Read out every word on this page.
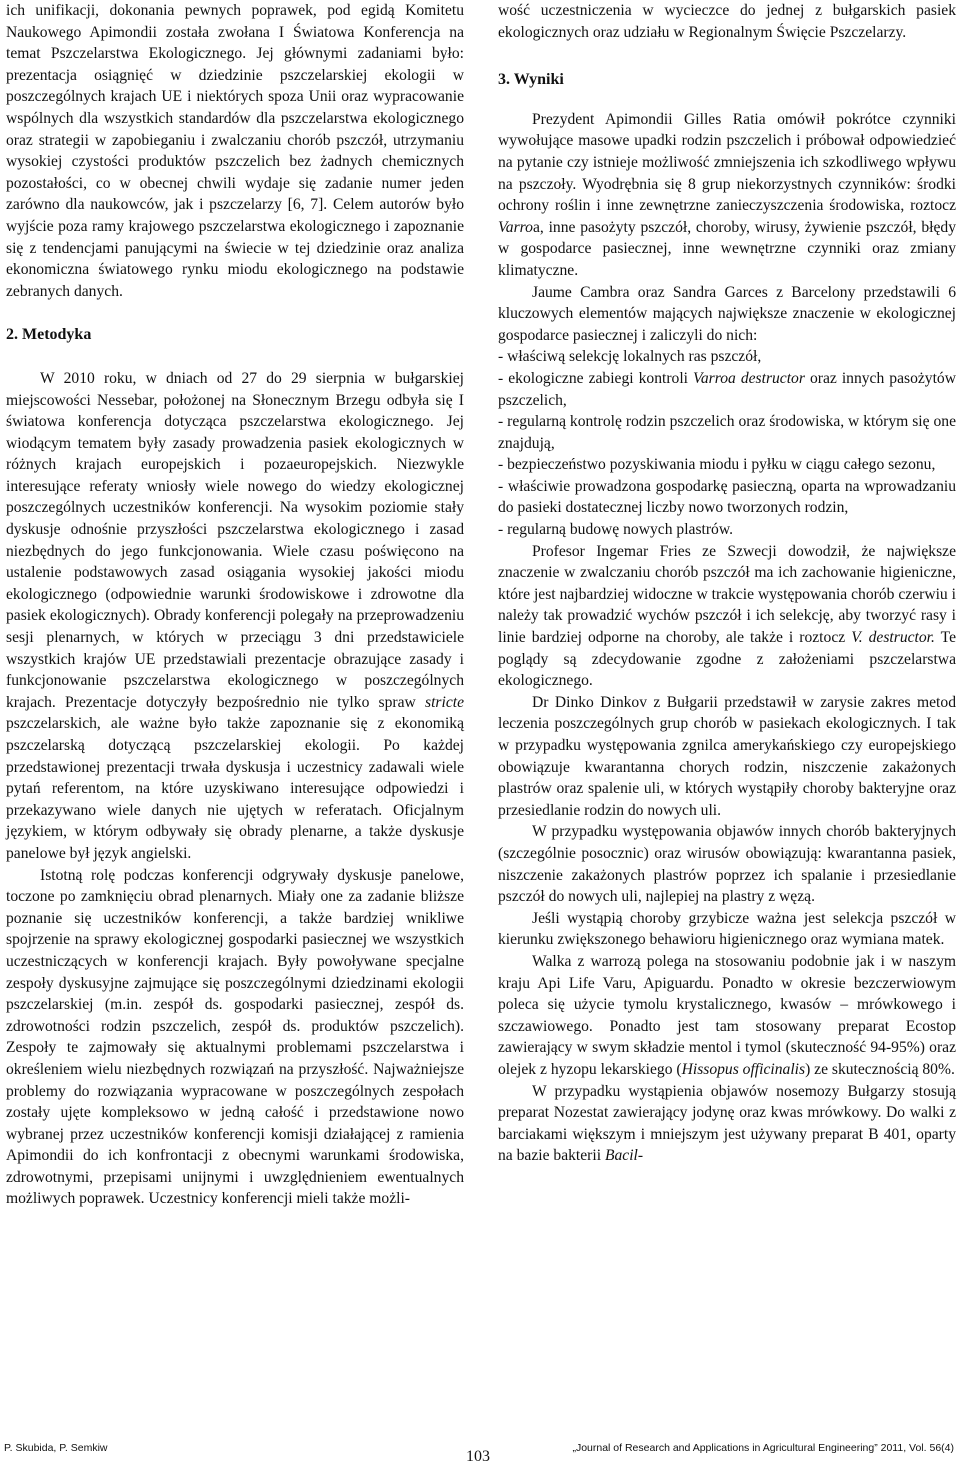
ich unifikacji, dokonania pewnych poprawek, pod egidą Komitetu Naukowego Apimondii została zwołana I Światowa Konferencja na temat Pszczelarstwa Ekologicznego. Jej głównymi zadaniami było: prezentacja osiągnięć w dziedzinie pszczelarskiej ekologii w poszczególnych krajach UE i niektórych spoza Unii oraz wypracowanie wspólnych dla wszystkich standardów dla pszczelarstwa ekologicznego oraz strategii w zapobieganiu i zwalczaniu chorób pszczół, utrzymaniu wysokiej czystości produktów pszczelich bez żadnych chemicznych pozostałości, co w obecnej chwili wydaje się zadanie numer jeden zarówno dla naukowców, jak i pszczelarzy [6, 7]. Celem autorów było wyjście poza ramy krajowego pszczelarstwa ekologicznego i zapoznanie się z tendencjami panującymi na świecie w tej dziedzinie oraz analiza ekonomiczna światowego rynku miodu ekologicznego na podstawie zebranych danych.

2. Metodyka

W 2010 roku, w dniach od 27 do 29 sierpnia w bułgarskiej miejscowości Nessebar, położonej na Słonecznym Brzegu odbyła się I światowa konferencja dotycząca pszczelarstwa ekologicznego. Jej wiodącym tematem były zasady prowadzenia pasiek ekologicznych w różnych krajach europejskich i pozaeuropejskich. Niezwykle interesujące referaty wniosły wiele nowego do wiedzy ekologicznej poszczególnych uczestników konferencji. Na wysokim poziomie stały dyskusje odnośnie przyszłości pszczelarstwa ekologicznego i zasad niezbędnych do jego funkcjonowania. Wiele czasu poświęcono na ustalenie podstawowych zasad osiągania wysokiej jakości miodu ekologicznego (odpowiednie warunki środowiskowe i zdrowotne dla pasiek ekologicznych). Obrady konferencji polegały na przeprowadzeniu sesji plenarnych, w których w przeciągu 3 dni przedstawiciele wszystkich krajów UE przedstawiali prezentacje obrazujące zasady i funkcjonowanie pszczelarstwa ekologicznego w poszczególnych krajach. Prezentacje dotyczyły bezpośrednio nie tylko spraw stricte pszczelarskich, ale ważne było także zapoznanie się z ekonomiką pszczelarską dotyczącą pszczelarskiej ekologii. Po każdej przedstawionej prezentacji trwała dyskusja i uczestnicy zadawali wiele pytań referentom, na które uzyskiwano interesujące odpowiedzi i przekazywano wiele danych nie ujętych w referatach. Oficjalnym językiem, w którym odbywały się obrady plenarne, a także dyskusje panelowe był język angielski.

Istotną rolę podczas konferencji odgrywały dyskusje panelowe, toczone po zamknięciu obrad plenarnych. Miały one za zadanie bliższe poznanie się uczestników konferencji, a także bardziej wnikliwe spojrzenie na sprawy ekologicznej gospodarki pasiecznej we wszystkich uczestniczących w konferencji krajach. Były powoływane specjalne zespoły dyskusyjne zajmujące się poszczególnymi dziedzinami ekologii pszczelarskiej (m.in. zespół ds. gospodarki pasiecznej, zespół ds. zdrowotności rodzin pszczelich, zespół ds. produktów pszczelich). Zespoły te zajmowały się aktualnymi problemami pszczelarstwa i określeniem wielu niezbędnych rozwiązań na przyszłość. Najważniejsze problemy do rozwiązania wypracowane w poszczególnych zespołach zostały ujęte kompleksowo w jedną całość i przedstawione nowo wybranej przez uczestników konferencji komisji działającej z ramienia Apimondii do ich konfrontacji z obecnymi warunkami środowiska, zdrowotnymi, przepisami unijnymi i uwzględnieniem ewentualnych możliwych poprawek. Uczestnicy konferencji mieli także możli-

wość uczestniczenia w wycieczce do jednej z bułgarskich pasiek ekologicznych oraz udziału w Regionalnym Święcie Pszczelarzy.

3. Wyniki

Prezydent Apimondii Gilles Ratia omówił pokrótce czynniki wywołujące masowe upadki rodzin pszczelich i próbował odpowiedzieć na pytanie czy istnieje możliwość zmniejszenia ich szkodliwego wpływu na pszczoły. Wyodrębnia się 8 grup niekorzystnych czynników: środki ochrony roślin i inne zewnętrzne zanieczyszczenia środowiska, roztocz Varroa, inne pasożyty pszczół, choroby, wirusy, żywienie pszczół, błędy w gospodarce pasiecznej, inne wewnętrzne czynniki oraz zmiany klimatyczne.

Jaume Cambra oraz Sandra Garces z Barcelony przedstawili 6 kluczowych elementów mających największe znaczenie w ekologicznej gospodarce pasiecznej i zaliczyli do nich:

- właściwą selekcję lokalnych ras pszczół,

- ekologiczne zabiegi kontroli Varroa destructor oraz innych pasożytów pszczelich,

- regularną kontrolę rodzin pszczelich oraz środowiska, w którym się one znajdują,

- bezpieczeństwo pozyskiwania miodu i pyłku w ciągu całego sezonu,

- właściwie prowadzona gospodarkę pasieczną, oparta na wprowadzaniu do pasieki dostatecznej liczby nowo tworzonych rodzin,

- regularną budowę nowych plastrów.

Profesor Ingemar Fries ze Szwecji dowodził, że największe znaczenie w zwalczaniu chorób pszczół ma ich zachowanie higieniczne, które jest najbardziej widoczne w trakcie występowania chorób czerwiu i należy tak prowadzić wychów pszczół i ich selekcję, aby tworzyć rasy i linie bardziej odporne na choroby, ale także i roztocz V. destructor. Te poglądy są zdecydowanie zgodne z założeniami pszczelarstwa ekologicznego.

Dr Dinko Dinkov z Bułgarii przedstawił w zarysie zakres metod leczenia poszczególnych grup chorób w pasiekach ekologicznych. I tak w przypadku występowania zgnilca amerykańskiego czy europejskiego obowiązuje kwarantanna chorych rodzin, niszczenie zakażonych plastrów oraz spalenie uli, w których wystąpiły choroby bakteryjne oraz przesiedlanie rodzin do nowych uli.

W przypadku występowania objawów innych chorób bakteryjnych (szczególnie posocznic) oraz wirusów obowiązują: kwarantanna pasiek, niszczenie zakażonych plastrów poprzez ich spalanie i przesiedlanie pszczół do nowych uli, najlepiej na plastry z węzą.

Jeśli wystąpią choroby grzybicze ważna jest selekcja pszczół w kierunku zwiększonego behawioru higienicznego oraz wymiana matek.

Walka z warrozą polega na stosowaniu podobnie jak i w naszym kraju Api Life Varu, Apiguardu. Ponadto w okresie bezczerwiowym poleca się użycie tymolu krystalicznego, kwasów – mrówkowego i szczawiowego. Ponadto jest tam stosowany preparat Ecostop zawierający w swym składzie mentol i tymol (skuteczność 94-95%) oraz olejek z hyzopu lekarskiego (Hissopus officinalis) ze skutecznością 80%.

W przypadku wystąpienia objawów nosemozy Bułgarzy stosują preparat Nozestat zawierający jodynę oraz kwas mrówkowy. Do walki z barciakami większym i mniejszym jest używany preparat B 401, oparty na bazie bakterii Bacil-

P. Skubida, P. Semkiw	103	„Journal of Research and Applications in Agricultural Engineering” 2011, Vol. 56(4)
